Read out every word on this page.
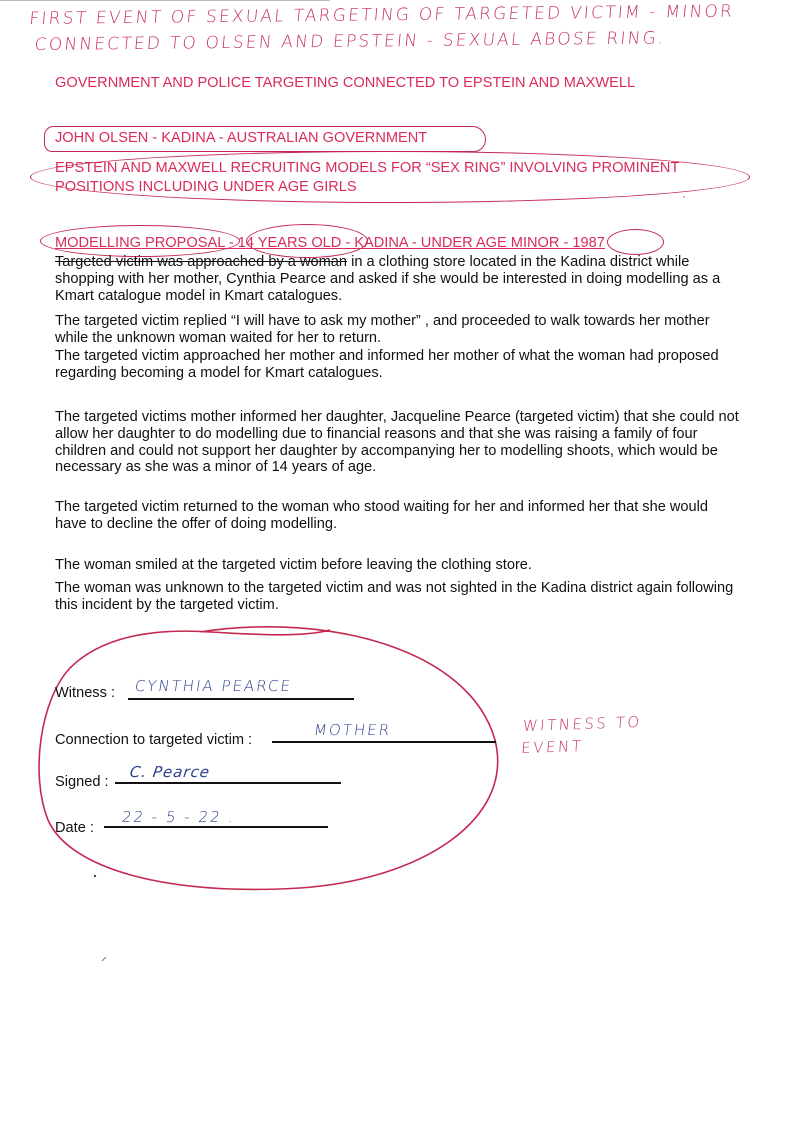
FIRST EVENT OF SEXUAL TARGETING OF TARGETED VICTIM - MINOR
CONNECTED TO OLSEN AND EPSTEIN - SEXUAL ABOSE RING.
GOVERNMENT AND POLICE TARGETING CONNECTED TO EPSTEIN AND MAXWELL
JOHN OLSEN - KADINA - AUSTRALIAN GOVERNMENT
EPSTEIN AND MAXWELL RECRUITING MODELS FOR “SEX RING” INVOLVING PROMINENT
POSITIONS INCLUDING UNDER AGE GIRLS
MODELLING PROPOSAL - 14 YEARS OLD - KADINA - UNDER AGE MINOR - 1987

Targeted victim was approached by a woman in a clothing store located in the Kadina district while shopping with her mother, Cynthia Pearce and asked if she would be interested in doing modelling as a Kmart catalogue model in Kmart catalogues.

The targeted victim replied “I will have to ask my mother” , and proceeded to walk towards her mother while the unknown woman waited for her to return.
The targeted victim approached her mother and informed her mother of what the woman had proposed regarding becoming a model for Kmart catalogues.
The targeted victims mother informed her daughter, Jacqueline Pearce (targeted victim) that she could not allow her daughter to do modelling due to financial reasons and that she was raising a family of four children and could not support her daughter by accompanying her to modelling shoots, which would be necessary as she was a minor of 14 years of age.
The targeted victim returned to the woman who stood waiting for her and informed her that she would have to decline the offer of doing modelling.
The woman smiled at the targeted victim before leaving the clothing store.
The woman was unknown to the targeted victim and was not sighted in the Kadina district again following this incident by the targeted victim.
Witness : CYNTHIA PEARCE
Connection to targeted victim :
MOTHER
Signed :
C. Pearce
Date :
22 - 5 - 22 .
WITNESS TO
EVENT
